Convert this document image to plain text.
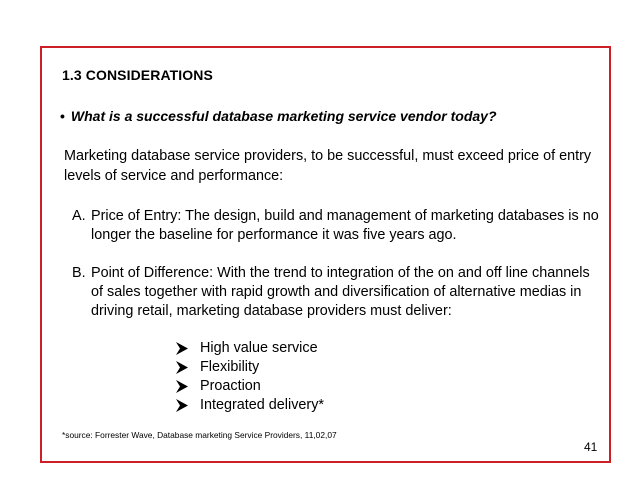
1.3 CONSIDERATIONS
• What is a successful database marketing service vendor today?
Marketing database service providers, to be successful, must exceed price of entry levels of service and performance:
A. Price of Entry: The design, build and management of marketing databases is no longer the baseline for performance it was five years ago.
B. Point of Difference: With the trend to integration of the on and off line channels of sales together with rapid growth and diversification of alternative medias in driving retail, marketing database providers must deliver:
High value service
Flexibility
Proaction
Integrated delivery*
*source: Forrester Wave, Database marketing Service Providers, 11,02,07
41
